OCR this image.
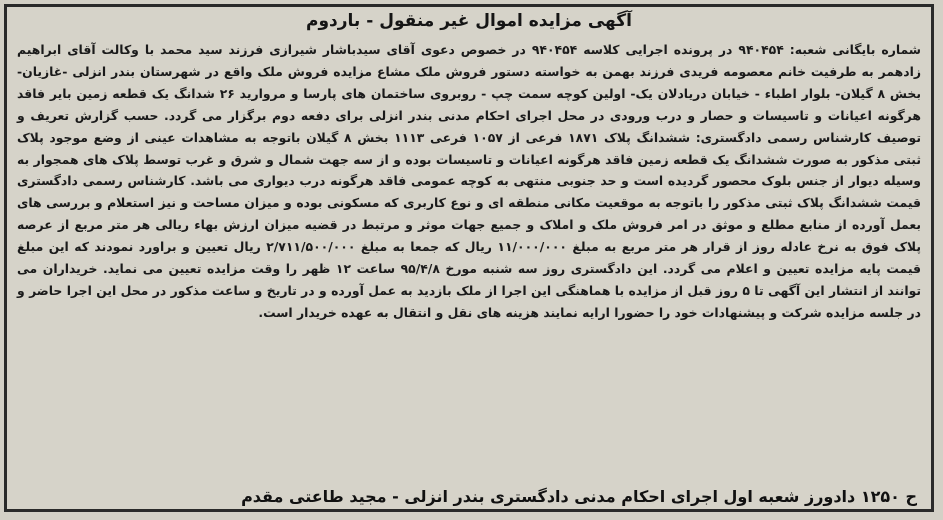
آگهی مزایده اموال غیر منقول - باردوم
شماره بایگانی شعبه: ۹۴۰۴۵۴ در پرونده اجرایی کلاسه ۹۴۰۴۵۴ در خصوص دعوی آقای سیدباشار شیرازی فرزند سید محمد با وکالت آقای ابراهیم زادهمر به طرفیت خانم معصومه فریدی فرزند بهمن به خواسته دستور فروش ملک مشاع مزایده فروش ملک واقع در شهرستان بندر انزلی -غازیان- بخش ۸ گیلان- بلوار اطباء - خیابان دریادلان یک- اولین کوچه سمت چپ - روبروی ساختمان های پارسا و مروارید ۲۶ شدانگ یک قطعه زمین بایر فاقد هرگونه اعیانات و تاسیسات و حصار و درب ورودی در محل اجرای احکام مدنی بندر انزلی برای دفعه دوم برگزار می گردد. حسب گزارش تعریف و توصیف کارشناس رسمی دادگستری: ششدانگ پلاک ۱۸۷۱ فرعی از ۱۰۵۷ فرعی ۱۱۱۳ بخش ۸ گیلان باتوجه به مشاهدات عینی از وضع موجود پلاک ثبتی مذکور به صورت ششدانگ یک قطعه زمین فاقد هرگونه اعیانات و تاسیسات بوده و از سه جهت شمال و شرق و غرب توسط پلاک های همجوار به وسیله دیوار از جنس بلوک محصور گردیده است و حد جنوبی منتهی به کوچه عمومی فاقد هرگونه درب دیواری می باشد. کارشناس رسمی دادگستری قیمت ششدانگ پلاک ثبتی مذکور را باتوجه به موقعیت مکانی منطقه ای و نوع کاربری که مسکونی بوده و میزان مساحت و نیز استعلام و بررسی های بعمل آورده از منابع مطلع و موثق در امر فروش ملک و املاک و جمیع جهات موثر و مرتبط در قضیه میزان ارزش بهاء ریالی هر متر مربع از عرصه پلاک فوق به نرخ عادله روز از قرار هر متر مربع به مبلغ ۱۱/۰۰۰/۰۰۰ ریال که جمعا به مبلغ ۲/۷۱۱/۵۰۰/۰۰۰ ریال تعیین و براورد نمودند که این مبلغ قیمت پایه مزایده تعیین و اعلام می گردد. این دادگستری روز سه شنبه مورخ ۹۵/۴/۸ ساعت ۱۲ ظهر را وقت مزایده تعیین می نماید. خریداران می توانند از انتشار این آگهی تا ۵ روز قبل از مزایده با هماهنگی این اجرا از ملک بازدید به عمل آورده و در تاریخ و ساعت مذکور در محل این اجرا حاضر و در جلسه مزایده شرکت و پیشنهادات خود را حضورا ارایه نمایند هزینه های نقل و انتقال به عهده خریدار است.
ح ۱۲۵۰ دادورز شعبه اول اجرای احکام مدنی دادگستری بندر انزلی - مجید طاعتی مقدم
